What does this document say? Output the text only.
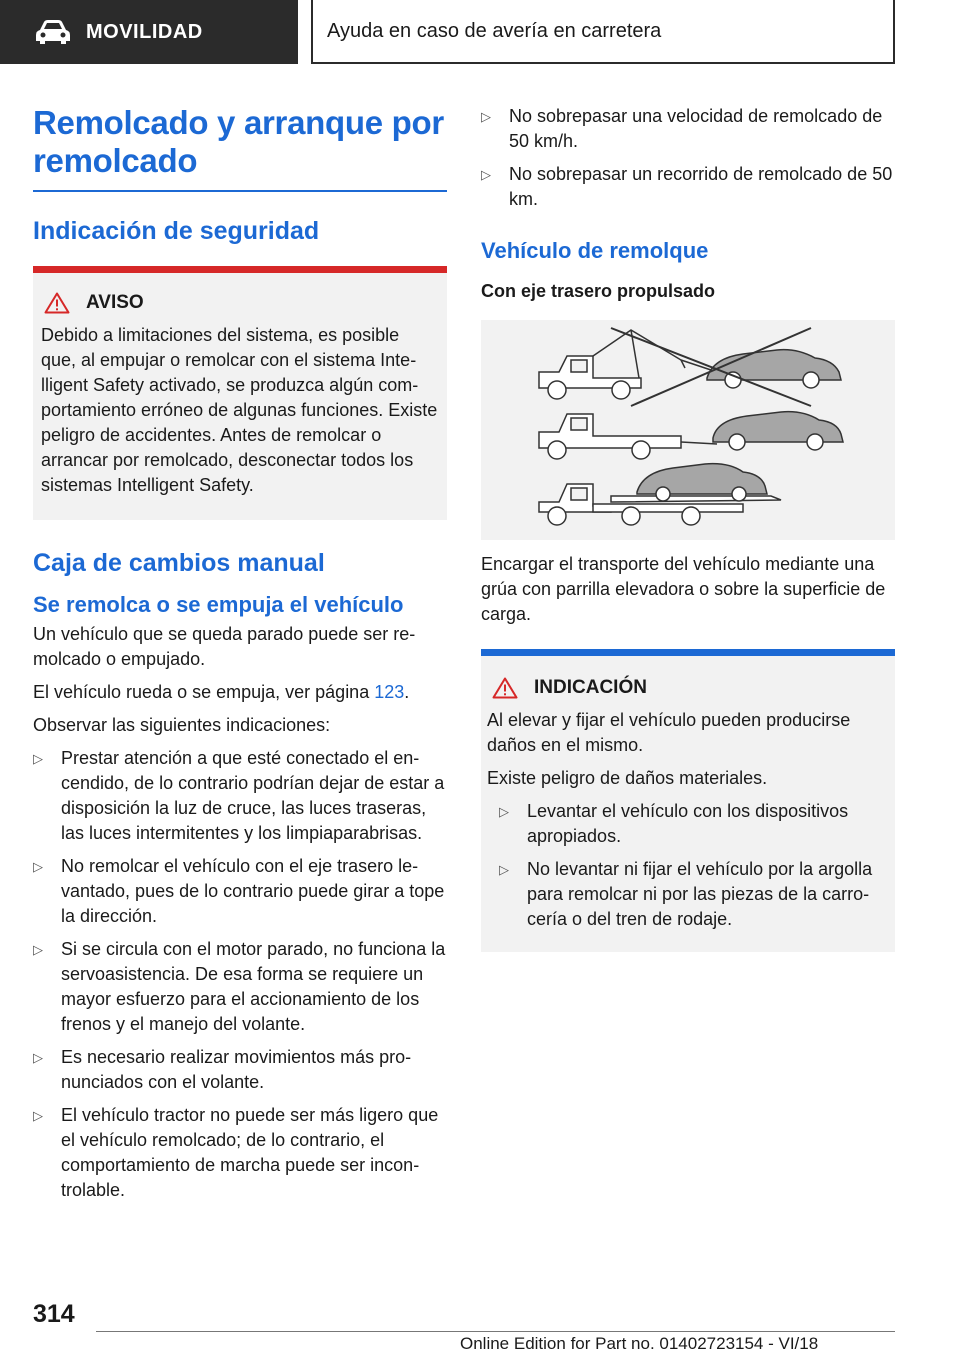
MOVILIDAD	Ayuda en caso de avería en carretera
Remolcado y arranque por
remolcado
Indicación de seguridad
AVISO
Debido a limitaciones del sistema, es posible que, al empujar o remolcar con el sistema Intelligent Safety activado, se produzca algún comportamiento erróneo de algunas funciones. Existe peligro de accidentes. Antes de remolcar o arrancar por remolcado, desconectar todos los sistemas Intelligent Safety.
Caja de cambios manual
Se remolca o se empuja el vehículo
Un vehículo que se queda parado puede ser remolcado o empujado.
El vehículo rueda o se empuja, ver página 123.
Observar las siguientes indicaciones:
▷ Prestar atención a que esté conectado el encendido, de lo contrario podrían dejar de estar a disposición la luz de cruce, las luces traseras, las luces intermitentes y los limpiaparabrisas.
▷ No remolcar el vehículo con el eje trasero levantado, pues de lo contrario puede girar a tope la dirección.
▷ Si se circula con el motor parado, no funciona la servoasistencia. De esa forma se requiere un mayor esfuerzo para el accionamiento de los frenos y el manejo del volante.
▷ Es necesario realizar movimientos más pronunciados con el volante.
▷ El vehículo tractor no puede ser más ligero que el vehículo remolcado; de lo contrario, el comportamiento de marcha puede ser incontrolable.
▷ No sobrepasar una velocidad de remolcado de 50 km/h.
▷ No sobrepasar un recorrido de remolcado de 50 km.
Vehículo de remolque
Con eje trasero propulsado
Encargar el transporte del vehículo mediante una grúa con parrilla elevadora o sobre la superficie de carga.
INDICACIÓN
Al elevar y fijar el vehículo pueden producirse daños en el mismo.
Existe peligro de daños materiales.
▷ Levantar el vehículo con los dispositivos apropiados.
▷ No levantar ni fijar el vehículo por la argolla para remolcar ni por las piezas de la carrocería o del tren de rodaje.
314
Online Edition for Part no. 01402723154 - VI/18
